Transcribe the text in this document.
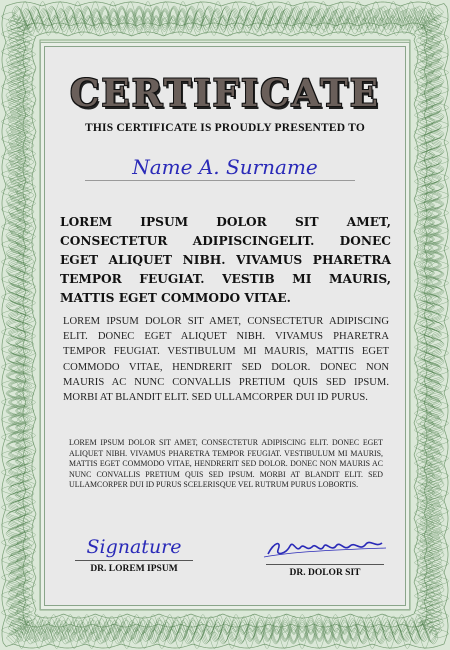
CERTIFICATE
THIS CERTIFICATE IS PROUDLY PRESENTED TO
Name A. Surname
LOREM IPSUM DOLOR SIT AMET, CONSECTETUR ADIPISCINGELIT. DONEC EGET ALIQUET NIBH. VIVAMUS PHARETRA TEMPOR FEUGIAT. VESTIB MI MAURIS, MATTIS EGET COMMODO VITAE.
LOREM IPSUM DOLOR SIT AMET, CONSECTETUR ADIPISCING ELIT. DONEC EGET ALIQUET NIBH. VIVAMUS PHARETRA TEMPOR FEUGIAT. VESTIBULUM MI MAURIS, MATTIS EGET COMMODO VITAE, HENDRERIT SED DOLOR. DONEC NON MAURIS AC NUNC CONVALLIS PRETIUM QUIS SED IPSUM. MORBI AT BLANDIT ELIT. SED ULLAMCORPER DUI ID PURUS.
LOREM IPSUM DOLOR SIT AMET, CONSECTETUR ADIPISCING ELIT. DONEC EGET ALIQUET NIBH. VIVAMUS PHARETRA TEMPOR FEUGIAT. VESTIBULUM MI MAURIS, MATTIS EGET COMMODO VITAE, HENDRERIT SED DOLOR. DONEC NON MAURIS AC NUNC CONVALLIS PRETIUM QUIS SED IPSUM. MORBI AT BLANDIT ELIT. SED ULLAMCORPER DUI ID PURUS SCELERISQUE VEL RUTRUM PURUS LOBORTIS.
Signature
DR. LOREM IPSUM	DR. DOLOR SIT
